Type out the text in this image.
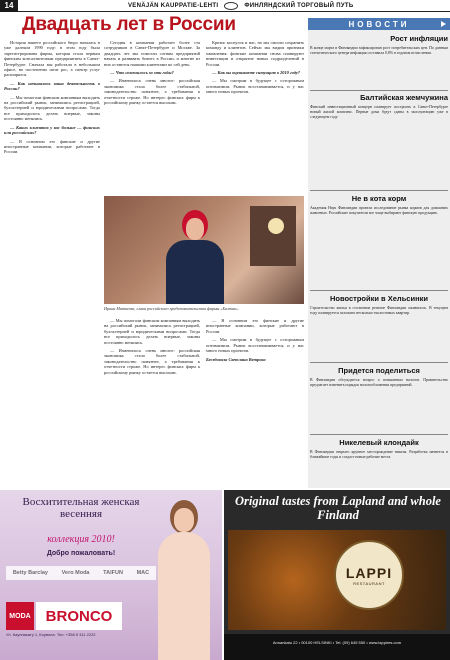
14	VENÄJÄN KAUPPATIE-LEHTI	ФИНЛЯНДСКИЙ ТОРГОВЫЙ ПУТЬ
Двадцать лет в России

История нашего российского бюро началась в уже далеком 1990 году: в этом году была зарегистрирована фирма, которая стала первым финским консалтинговым предприятием в Санкт-Петербурге. Сначала мы работали в небольшом офисе, но постепенно штат рос, а спектр услуг расширялся.

— Как начиналась ваша деятельность в России?

— Мы помогали финским компаниям выходить на российский рынок, занимались регистрацией, бухгалтерией и юридическими вопросами. Тогда все приходилось делать впервые, законы постоянно менялись.

— Каких клиентов у вас больше — финских или российских?

— В основном это финские и другие иностранные компании, которые работают в России.

Сегодня в компании работает более ста сотрудников в Санкт-Петербурге и Москве. За двадцать лет мы помогли сотням предприятий начать и развивать бизнес в России, и многие из них остаются нашими клиентами по сей день.

— Что изменилось за эти годы?

— Изменилось очень многое: российская экономика стала более стабильной, законодательство понятнее, а требования к отчетности строже. Но интерес финских фирм к российскому рынку остается высоким.

Кризис коснулся и нас, но мы смогли сохранить команду и клиентов. Сейчас мы видим признаки оживления: финские компании снова планируют инвестиции и открытие новых подразделений в России.

— Как вы оцениваете ситуацию в 2010 году?

— Мы смотрим в будущее с осторожным оптимизмом. Рынок восстанавливается, и у нас много новых проектов.

Ирина Матвеева, глава российского представительства фирмы «Балтик».

— Мы помогали финским компаниям выходить на российский рынок, занимались регистрацией, бухгалтерией и юридическими вопросами. Тогда все приходилось делать впервые, законы постоянно менялись.

— Изменилось очень многое: российская экономика стала более стабильной, законодательство понятнее, а требования к отчетности строже. Но интерес финских фирм к российскому рынку остается высоким.

— В основном это финские и другие иностранные компании, которые работают в России.

— Мы смотрим в будущее с осторожным оптимизмом. Рынок восстанавливается, и у нас много новых проектов.

Беседовала Светлана Ветрова

НОВОСТИ
Рост инфляции
В конце марта в Финляндии зафиксирован рост потребительских цен. По данным статистического центра инфляция составила 0,8% в годовом исчислении.
Балтийская жемчужина
Финский инвестиционный концерн планирует построить в Санкт-Петербурге новый жилой комплекс. Первые дома будут сданы в эксплуатацию уже в следующем году.
Не в кота корм
Академия Наук Финляндии провела исследование рынка кормов для домашних животных. Российские покупатели все чаще выбирают финскую продукцию.
Новостройки в Хельсинки
Строительство жилья в столичном регионе Финляндии оживилось. В текущем году планируется заложить несколько тысяч новых квартир.
Придется поделиться
В Финляндии обсуждается вопрос о повышении налогов. Правительство предлагает изменить порядок налогообложения предприятий.
Никелевый клондайк
В Финляндии открыто крупное месторождение никеля. Разработка начнется в ближайшие годы и создаст новые рабочие места.
Восхитительная женская весенняя
коллекция 2010!
Добро пожаловать!
Betty Barclay Vero Moda TAIFUN MAC
MODA BRONCO
Ул. Кауппакату 1, Коувола. Тел. +358 5 311 2222
Original tastes from Lapland and whole Finland
LAPPI
RESTAURANT
Annankatu 22 • 00100 HELSINKI • Tel. (09) 645 550 • www.lappires.com
